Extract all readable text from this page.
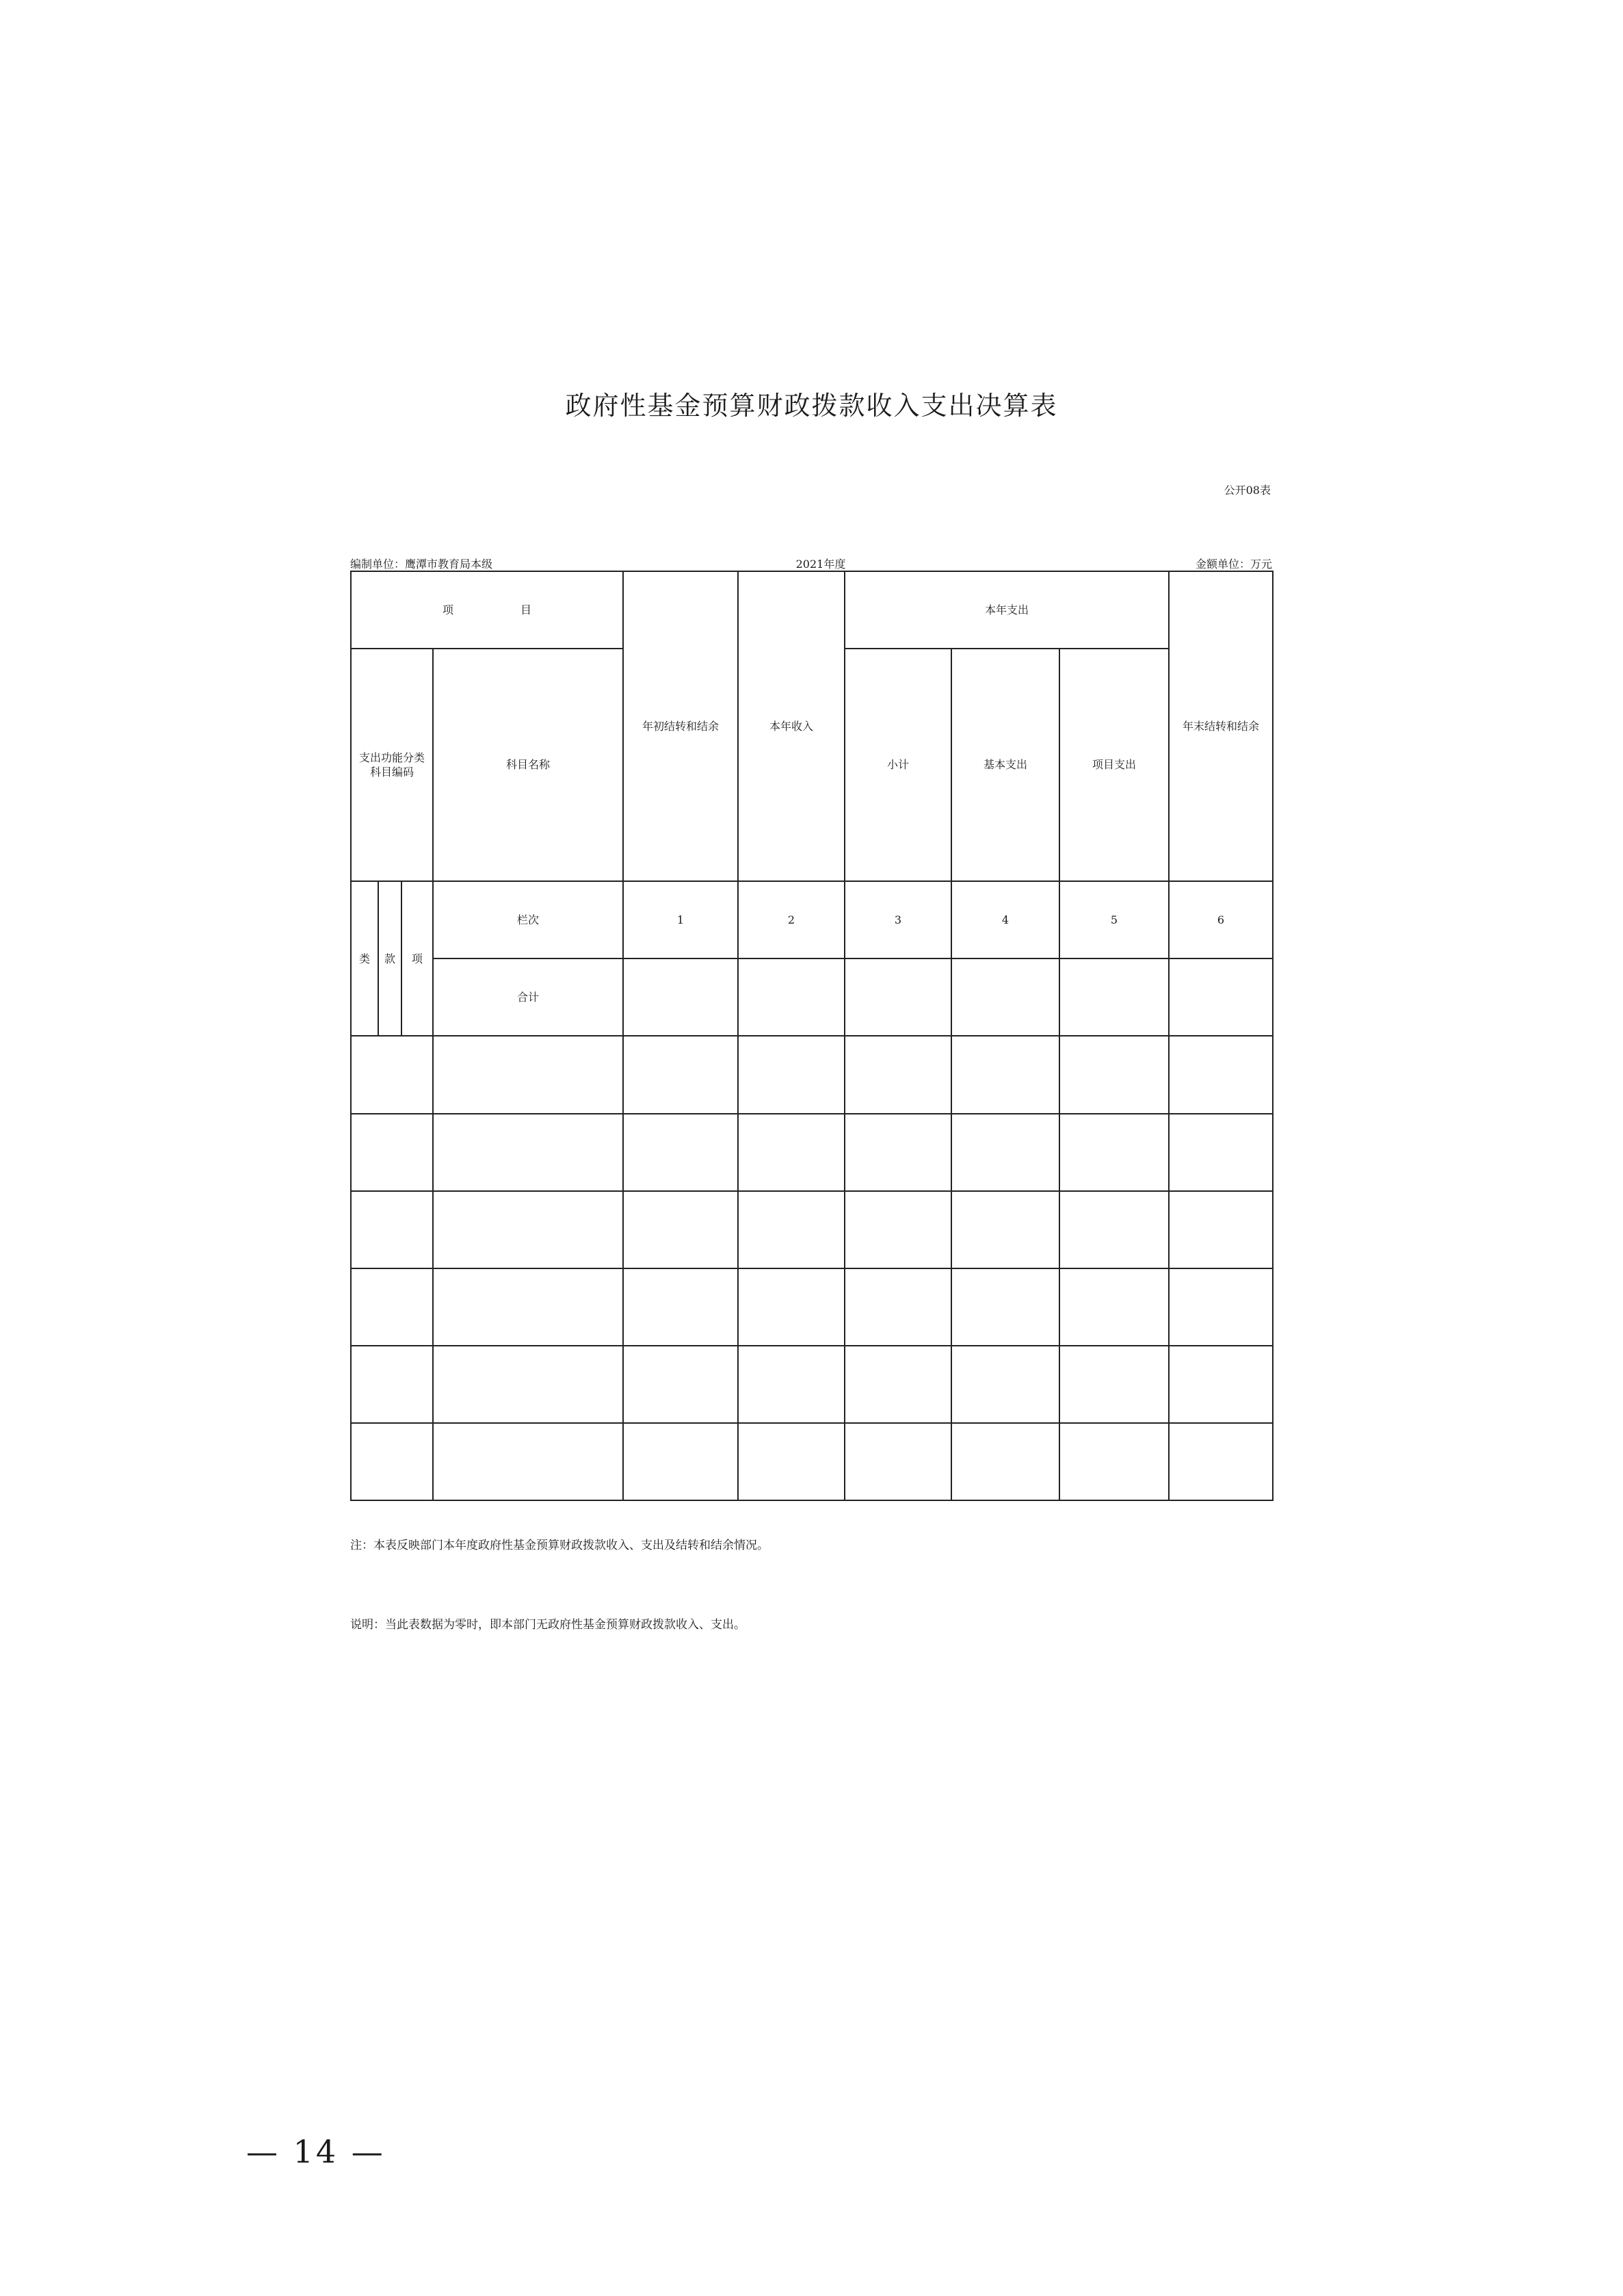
政府性基金预算财政拨款收入支出决算表
公开08表
编制单位：鹰潭市教育局本级	2021年度	金额单位：万元
项　　目				年初结转和结余	本年收入	本年支出			年末结转和结余

支出功能分类科目编码			科目名称			小计	基本支出	项目支出	

类	款	项	栏次	1	2	3	4	5	6

			合计						

注：本表反映部门本年度政府性基金预算财政拨款收入、支出及结转和结余情况。
说明：当此表数据为零时，即本部门无政府性基金预算财政拨款收入、支出。
— 14 —
